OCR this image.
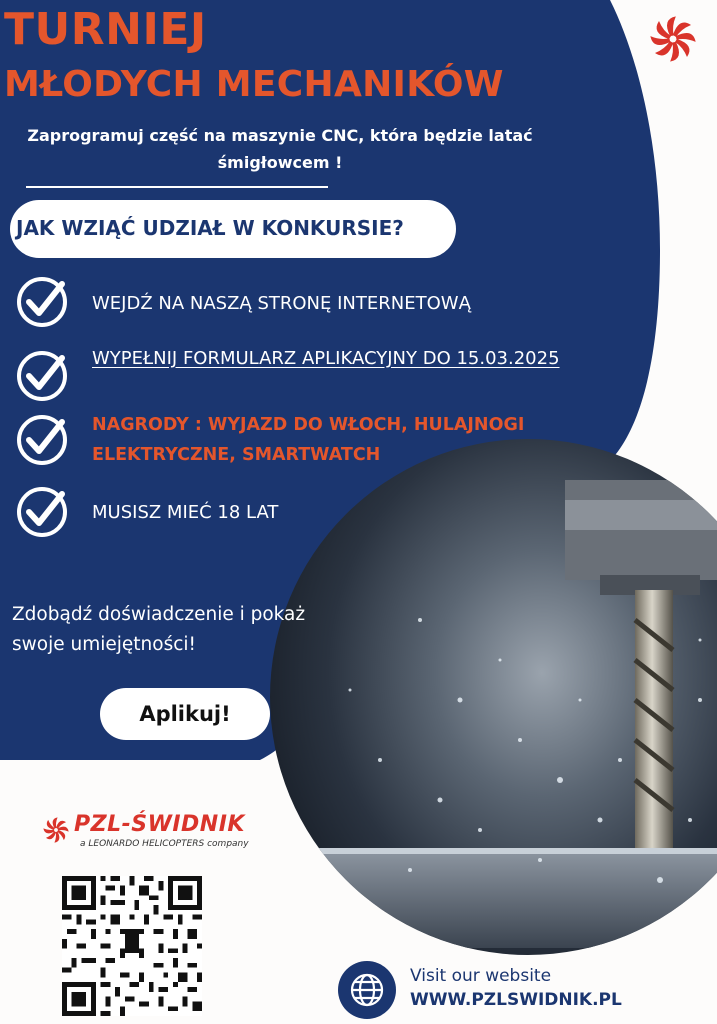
TURNIEJ
MŁODYCH MECHANIKÓW
Zaprogramuj część na maszynie CNC, która będzie latać
śmigłowcem !
JAK WZIĄĆ UDZIAŁ W KONKURSIE?
WEJDŹ NA NASZĄ STRONĘ INTERNETOWĄ
WYPEŁNIJ FORMULARZ APLIKACYJNY DO 15.03.2025
NAGRODY : WYJAZD DO WŁOCH, HULAJNOGI ELEKTRYCZNE, SMARTWATCH
MUSISZ MIEĆ 18 LAT
Zdobądź doświadczenie i pokaż swoje umiejętności!
Aplikuj!
PZL-ŚWIDNIK
a LEONARDO HELICOPTERS company
Visit our website
WWW.PZLSWIDNIK.PL
